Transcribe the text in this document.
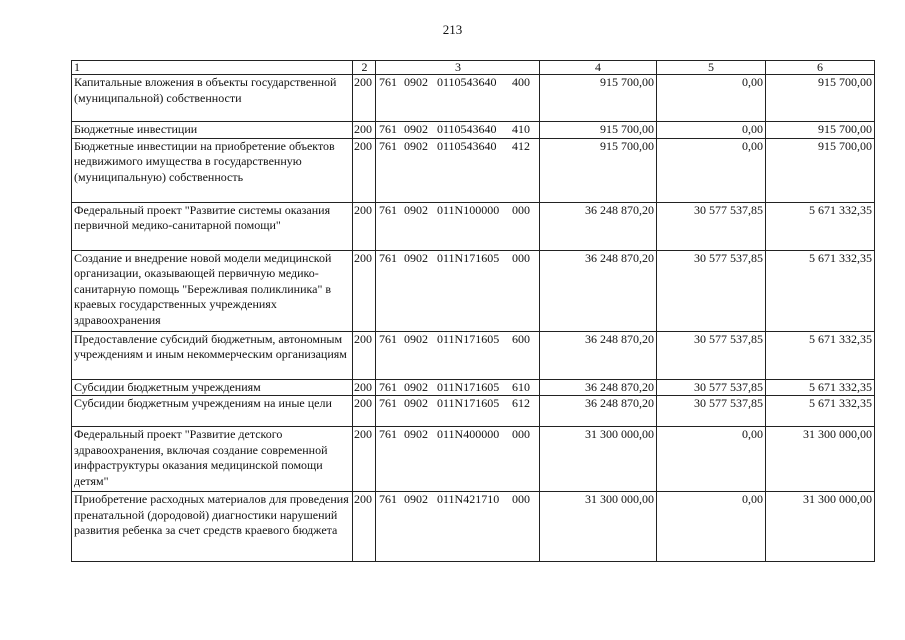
213
1	2	3	4	5	6
Капитальные вложения в объекты государственной (муниципальной) собственности	200	761 0902 0110543640 400	915 700,00	0,00	915 700,00
Бюджетные инвестиции	200	761 0902 0110543640 410	915 700,00	0,00	915 700,00
Бюджетные инвестиции на приобретение объектов недвижимого имущества в государственную (муниципальную) собственность	200	761 0902 0110543640 412	915 700,00	0,00	915 700,00
Федеральный проект "Развитие системы оказания первичной медико-санитарной помощи"	200	761 0902 011N100000 000	36 248 870,20	30 577 537,85	5 671 332,35
Создание и внедрение новой модели медицинской организации, оказывающей первичную медико-санитарную помощь "Бережливая поликлиника" в краевых государственных учреждениях здравоохранения	200	761 0902 011N171605 000	36 248 870,20	30 577 537,85	5 671 332,35
Предоставление субсидий бюджетным, автономным учреждениям и иным некоммерческим организациям	200	761 0902 011N171605 600	36 248 870,20	30 577 537,85	5 671 332,35
Субсидии бюджетным учреждениям	200	761 0902 011N171605 610	36 248 870,20	30 577 537,85	5 671 332,35
Субсидии бюджетным учреждениям на иные цели	200	761 0902 011N171605 612	36 248 870,20	30 577 537,85	5 671 332,35
Федеральный проект "Развитие детского здравоохранения, включая создание современной инфраструктуры оказания медицинской помощи детям"	200	761 0902 011N400000 000	31 300 000,00	0,00	31 300 000,00
Приобретение расходных материалов для проведения пренатальной (дородовой) диагностики нарушений развития ребенка за счет средств краевого бюджета	200	761 0902 011N421710 000	31 300 000,00	0,00	31 300 000,00
